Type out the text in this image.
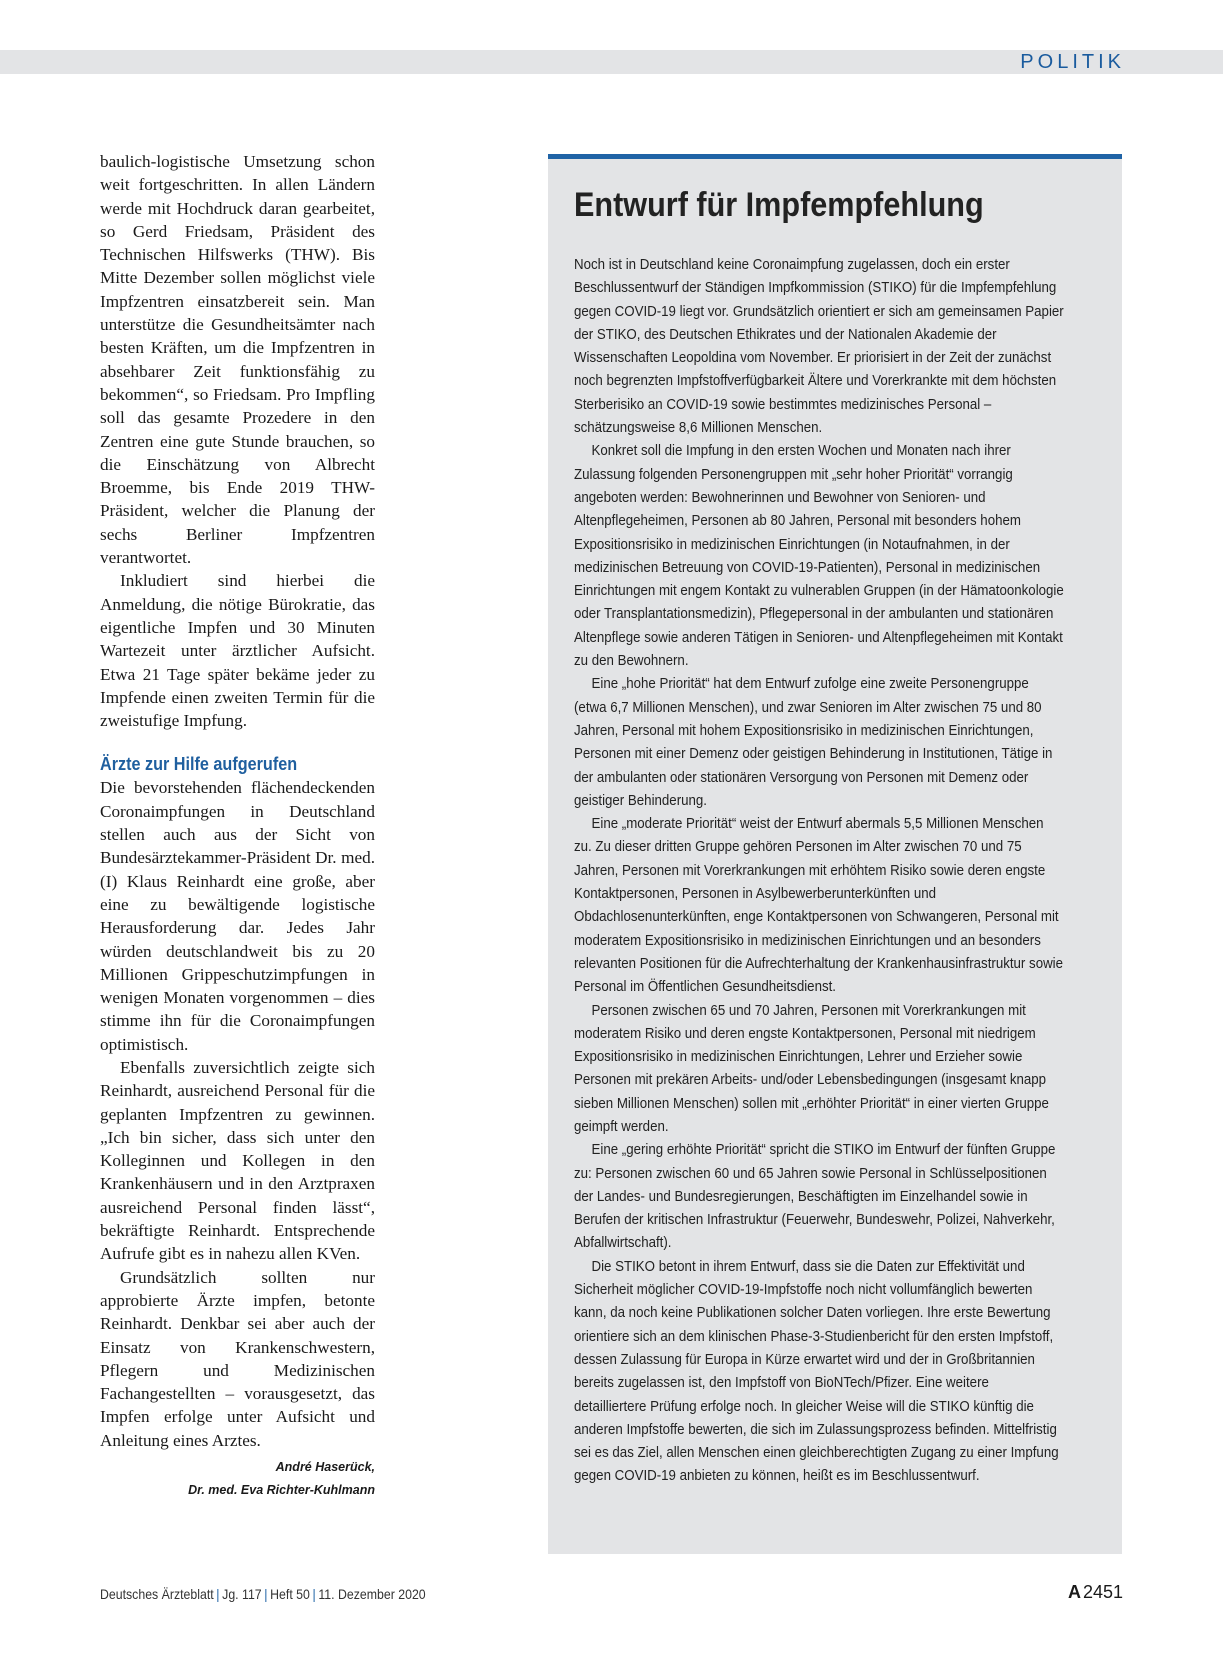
POLITIK

baulich-logistische Umsetzung schon weit fortgeschritten. In allen Ländern werde mit Hochdruck daran gearbeitet, so Gerd Friedsam, Präsident des Technischen Hilfswerks (THW). Bis Mitte Dezember sollen möglichst viele Impfzentren einsatzbereit sein. Man unterstütze die Gesundheitsämter nach besten Kräften, um die Impfzentren in absehbarer Zeit funktionsfähig zu bekommen“, so Friedsam. Pro Impfling soll das gesamte Prozedere in den Zentren eine gute Stunde brauchen, so die Einschätzung von Albrecht Broemme, bis Ende 2019 THW-Präsident, welcher die Planung der sechs Berliner Impfzentren verantwortet.

Inkludiert sind hierbei die Anmeldung, die nötige Bürokratie, das eigentliche Impfen und 30 Minuten Wartezeit unter ärztlicher Aufsicht. Etwa 21 Tage später bekäme jeder zu Impfende einen zweiten Termin für die zweistufige Impfung.

Ärzte zur Hilfe aufgerufen

Die bevorstehenden flächendeckenden Coronaimpfungen in Deutschland stellen auch aus der Sicht von Bundesärztekammer-Präsident Dr. med. (I) Klaus Reinhardt eine große, aber eine zu bewältigende logistische Herausforderung dar. Jedes Jahr würden deutschlandweit bis zu 20 Millionen Grippeschutzimpfungen in wenigen Monaten vorgenommen – dies stimme ihn für die Coronaimpfungen optimistisch.

Ebenfalls zuversichtlich zeigte sich Reinhardt, ausreichend Personal für die geplanten Impfzentren zu gewinnen. „Ich bin sicher, dass sich unter den Kolleginnen und Kollegen in den Krankenhäusern und in den Arztpraxen ausreichend Personal finden lässt“, bekräftigte Reinhardt. Entsprechende Aufrufe gibt es in nahezu allen KVen.

Grundsätzlich sollten nur approbierte Ärzte impfen, betonte Reinhardt. Denkbar sei aber auch der Einsatz von Krankenschwestern, Pflegern und Medizinischen Fachangestellten – vorausgesetzt, das Impfen erfolge unter Aufsicht und Anleitung eines Arztes.

André Haserück,
Dr. med. Eva Richter-Kuhlmann
Entwurf für Impfempfehlung

Noch ist in Deutschland keine Coronaimpfung zugelassen, doch ein erster Beschlussentwurf der Ständigen Impfkommission (STIKO) für die Impfempfehlung gegen COVID-19 liegt vor. Grundsätzlich orientiert er sich am gemeinsamen Papier der STIKO, des Deutschen Ethikrates und der Nationalen Akademie der Wissenschaften Leopoldina vom November. Er priorisiert in der Zeit der zunächst noch begrenzten Impfstoffverfügbarkeit Ältere und Vorerkrankte mit dem höchsten Sterberisiko an COVID-19 sowie bestimmtes medizinisches Personal – schätzungsweise 8,6 Millionen Menschen.

Konkret soll die Impfung in den ersten Wochen und Monaten nach ihrer Zulassung folgenden Personengruppen mit „sehr hoher Priorität“ vorrangig angeboten werden: Bewohnerinnen und Bewohner von Senioren- und Altenpflegeheimen, Personen ab 80 Jahren, Personal mit besonders hohem Expositionsrisiko in medizinischen Einrichtungen (in Notaufnahmen, in der medizinischen Betreuung von COVID-19-Patienten), Personal in medizinischen Einrichtungen mit engem Kontakt zu vulnerablen Gruppen (in der Hämatoonkologie oder Transplantationsmedizin), Pflegepersonal in der ambulanten und stationären Altenpflege sowie anderen Tätigen in Senioren- und Altenpflegeheimen mit Kontakt zu den Bewohnern.

Eine „hohe Priorität“ hat dem Entwurf zufolge eine zweite Personengruppe (etwa 6,7 Millionen Menschen), und zwar Senioren im Alter zwischen 75 und 80 Jahren, Personal mit hohem Expositionsrisiko in medizinischen Einrichtungen, Personen mit einer Demenz oder geistigen Behinderung in Institutionen, Tätige in der ambulanten oder stationären Versorgung von Personen mit Demenz oder geistiger Behinderung.

Eine „moderate Priorität“ weist der Entwurf abermals 5,5 Millionen Menschen zu. Zu dieser dritten Gruppe gehören Personen im Alter zwischen 70 und 75 Jahren, Personen mit Vorerkrankungen mit erhöhtem Risiko sowie deren engste Kontaktpersonen, Personen in Asylbewerberunterkünften und Obdachlosenunterkünften, enge Kontaktpersonen von Schwangeren, Personal mit moderatem Expositionsrisiko in medizinischen Einrichtungen und an besonders relevanten Positionen für die Aufrechterhaltung der Krankenhausinfrastruktur sowie Personal im Öffentlichen Gesundheitsdienst.

Personen zwischen 65 und 70 Jahren, Personen mit Vorerkrankungen mit moderatem Risiko und deren engste Kontaktpersonen, Personal mit niedrigem Expositionsrisiko in medizinischen Einrichtungen, Lehrer und Erzieher sowie Personen mit prekären Arbeits- und/oder Lebensbedingungen (insgesamt knapp sieben Millionen Menschen) sollen mit „erhöhter Priorität“ in einer vierten Gruppe geimpft werden.

Eine „gering erhöhte Priorität“ spricht die STIKO im Entwurf der fünften Gruppe zu: Personen zwischen 60 und 65 Jahren sowie Personal in Schlüsselpositionen der Landes- und Bundesregierungen, Beschäftigten im Einzelhandel sowie in Berufen der kritischen Infrastruktur (Feuerwehr, Bundeswehr, Polizei, Nahverkehr, Abfallwirtschaft).

Die STIKO betont in ihrem Entwurf, dass sie die Daten zur Effektivität und Sicherheit möglicher COVID-19-Impfstoffe noch nicht vollumfänglich bewerten kann, da noch keine Publikationen solcher Daten vorliegen. Ihre erste Bewertung orientiere sich an dem klinischen Phase-3-Studienbericht für den ersten Impfstoff, dessen Zulassung für Europa in Kürze erwartet wird und der in Großbritannien bereits zugelassen ist, den Impfstoff von BioNTech/Pfizer. Eine weitere detailliertere Prüfung erfolge noch. In gleicher Weise will die STIKO künftig die anderen Impfstoffe bewerten, die sich im Zulassungsprozess befinden. Mittelfristig sei es das Ziel, allen Menschen einen gleichberechtigten Zugang zu einer Impfung gegen COVID-19 anbieten zu können, heißt es im Beschlussentwurf.

Deutsches Ärzteblatt | Jg. 117 | Heft 50 | 11. Dezember 2020	A 2451
